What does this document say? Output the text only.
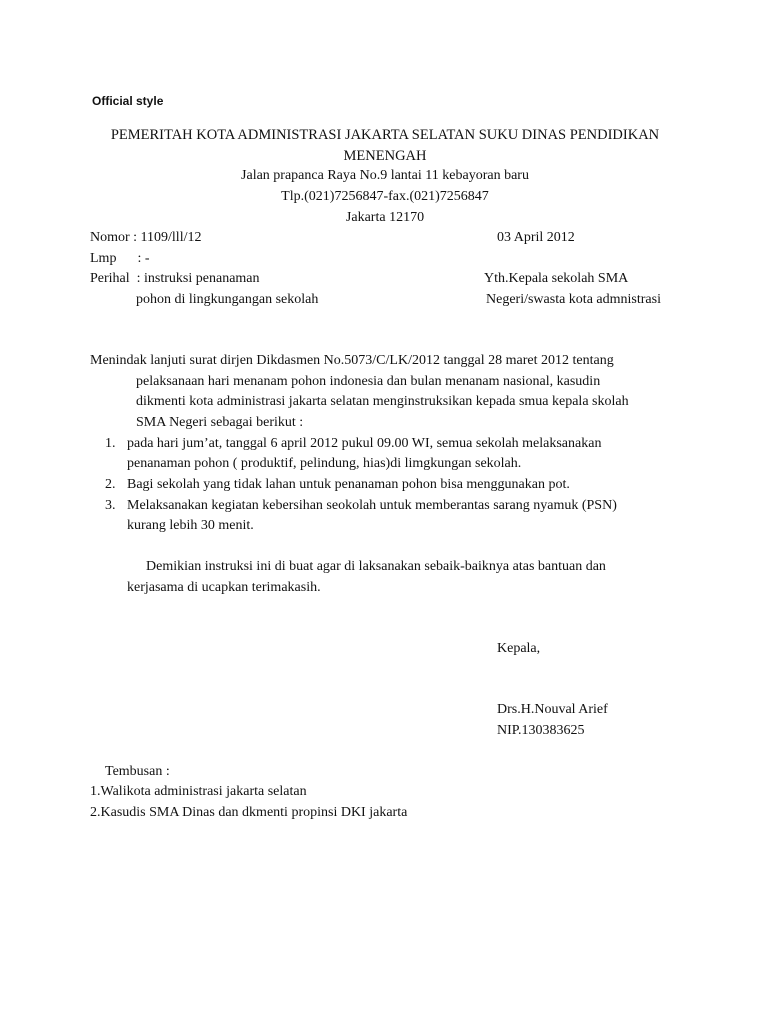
Official style
PEMERITAH KOTA ADMINISTRASI JAKARTA SELATAN SUKU DINAS PENDIDIKAN
MENENGAH
Jalan prapanca Raya No.9 lantai 11 kebayoran baru
Tlp.(021)7256847-fax.(021)7256847
Jakarta 12170
Nomor : 1109/lll/12	03 April 2012
Lmp      : -
Perihal  : instruksi penanaman	Yth.Kepala sekolah SMA
pohon di lingkungangan sekolah	Negeri/swasta kota admnistrasi
Menindak lanjuti surat dirjen Dikdasmen No.5073/C/LK/2012 tanggal 28 maret 2012 tentang
pelaksanaan hari menanam pohon indonesia dan bulan menanam nasional, kasudin
dikmenti kota administrasi jakarta selatan menginstruksikan kepada smua kepala skolah
SMA Negeri sebagai berikut :
1. pada hari jum’at, tanggal 6 april 2012 pukul 09.00 WI, semua sekolah melaksanakan
penanaman pohon ( produktif, pelindung, hias)di limgkungan sekolah.
2. Bagi sekolah yang tidak lahan untuk penanaman pohon bisa menggunakan pot.
3. Melaksanakan kegiatan kebersihan seokolah untuk memberantas sarang nyamuk (PSN)
kurang lebih 30 menit.
Demikian instruksi ini di buat agar di laksanakan sebaik-baiknya atas bantuan dan
kerjasama di ucapkan terimakasih.
Kepala,
Drs.H.Nouval Arief
NIP.130383625
Tembusan :
1.Walikota administrasi jakarta selatan
2.Kasudis SMA Dinas dan dkmenti propinsi DKI jakarta
